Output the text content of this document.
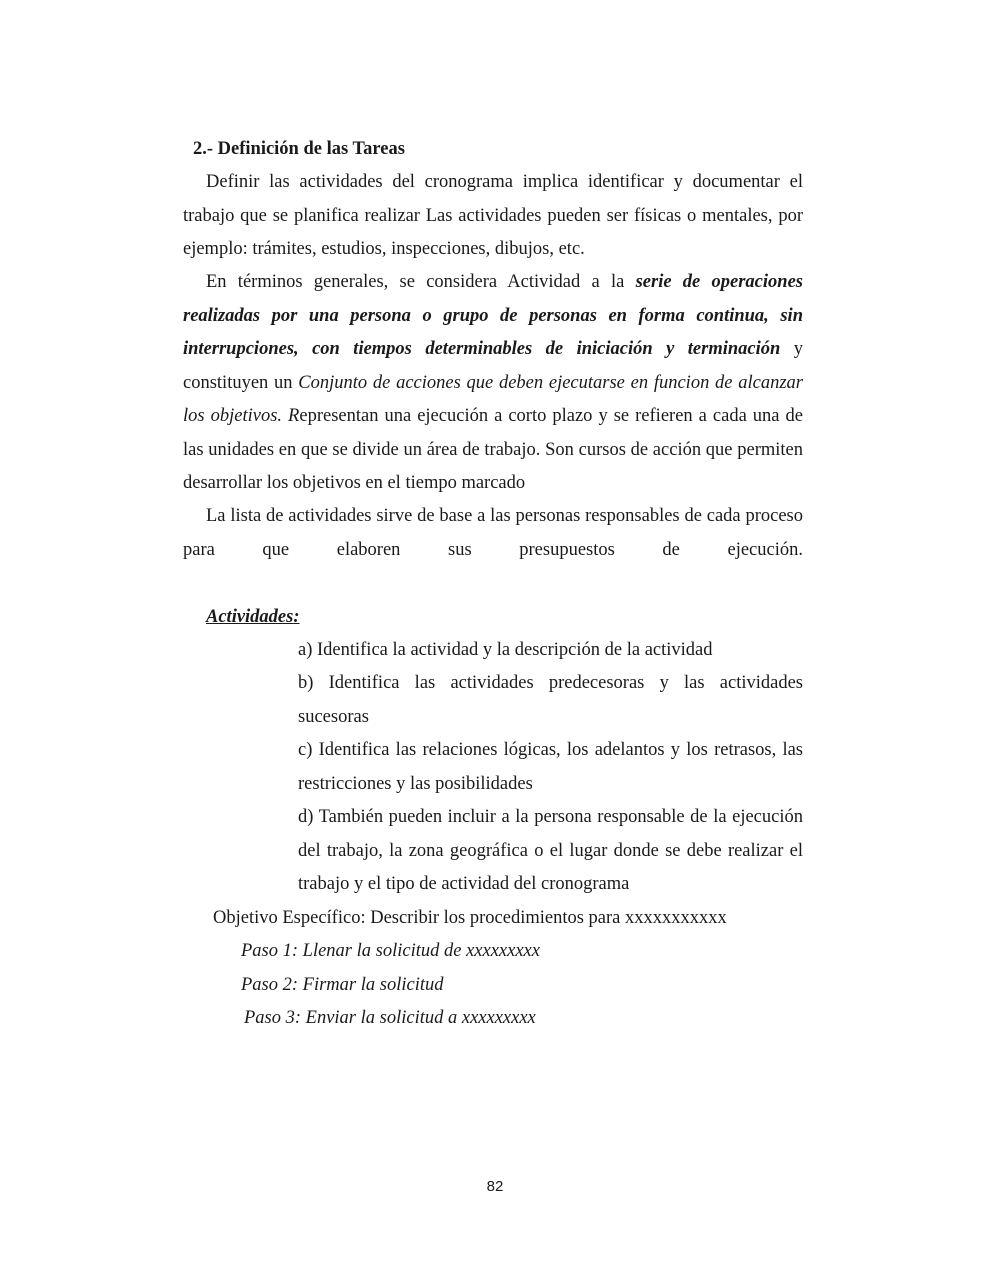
2.- Definición de las Tareas
Definir las actividades del cronograma implica identificar y documentar el trabajo que se planifica realizar Las actividades pueden ser físicas o mentales, por ejemplo: trámites, estudios, inspecciones, dibujos, etc.
En términos generales, se considera Actividad a la serie de operaciones realizadas por una persona o grupo de personas en forma continua, sin interrupciones, con tiempos determinables de iniciación y terminación y constituyen un Conjunto de acciones que deben ejecutarse en funcion de alcanzar los objetivos. Representan una ejecución a corto plazo y se refieren a cada una de las unidades en que se divide un área de trabajo. Son cursos de acción que permiten desarrollar los objetivos en el tiempo marcado
La lista de actividades sirve de base a las personas responsables de cada proceso para que elaboren sus presupuestos de ejecución.
Actividades:
a) Identifica la actividad y la descripción de la actividad
b) Identifica las actividades predecesoras y las actividades sucesoras
c) Identifica las relaciones lógicas, los adelantos y los retrasos, las restricciones y las posibilidades
d) También pueden incluir a la persona responsable de la ejecución del trabajo, la zona geográfica o el lugar donde se debe realizar el trabajo y el tipo de actividad del cronograma
Objetivo Específico: Describir los procedimientos para xxxxxxxxxxx
Paso 1: Llenar la solicitud de xxxxxxxxx
Paso 2: Firmar la solicitud
Paso 3: Enviar la solicitud a xxxxxxxxx
82
